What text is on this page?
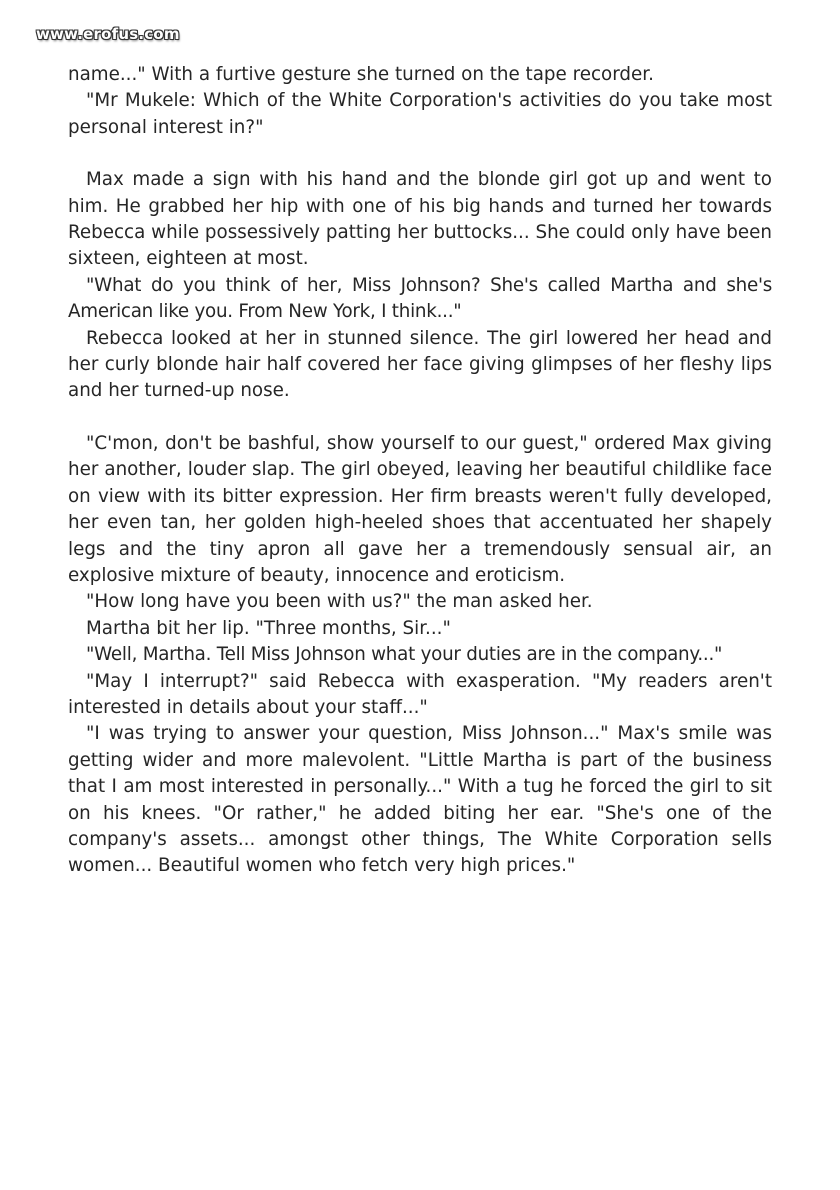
www.erofus.com

name..." With a furtive gesture she turned on the tape recorder.

"Mr Mukele: Which of the White Corporation's activities do you take most personal interest in?"

Max made a sign with his hand and the blonde girl got up and went to him. He grabbed her hip with one of his big hands and turned her towards Rebecca while possessively patting her buttocks... She could only have been sixteen, eighteen at most.

"What do you think of her, Miss Johnson? She's called Martha and she's American like you. From New York, I think..."

Rebecca looked at her in stunned silence. The girl lowered her head and her curly blonde hair half covered her face giving glimpses of her fleshy lips and her turned-up nose.

"C'mon, don't be bashful, show yourself to our guest," ordered Max giving her another, louder slap. The girl obeyed, leaving her beautiful childlike face on view with its bitter expression. Her firm breasts weren't fully developed, her even tan, her golden high-heeled shoes that accentuated her shapely legs and the tiny apron all gave her a tremendously sensual air, an explosive mixture of beauty, innocence and eroticism.

"How long have you been with us?" the man asked her.

Martha bit her lip. "Three months, Sir..."

"Well, Martha. Tell Miss Johnson what your duties are in the company..."

"May I interrupt?" said Rebecca with exasperation. "My readers aren't interested in details about your staff..."

"I was trying to answer your question, Miss Johnson..." Max's smile was getting wider and more malevolent. "Little Martha is part of the business that I am most interested in personally..." With a tug he forced the girl to sit on his knees. "Or rather," he added biting her ear. "She's one of the company's assets... amongst other things, The White Corporation sells women... Beautiful women who fetch very high prices."
